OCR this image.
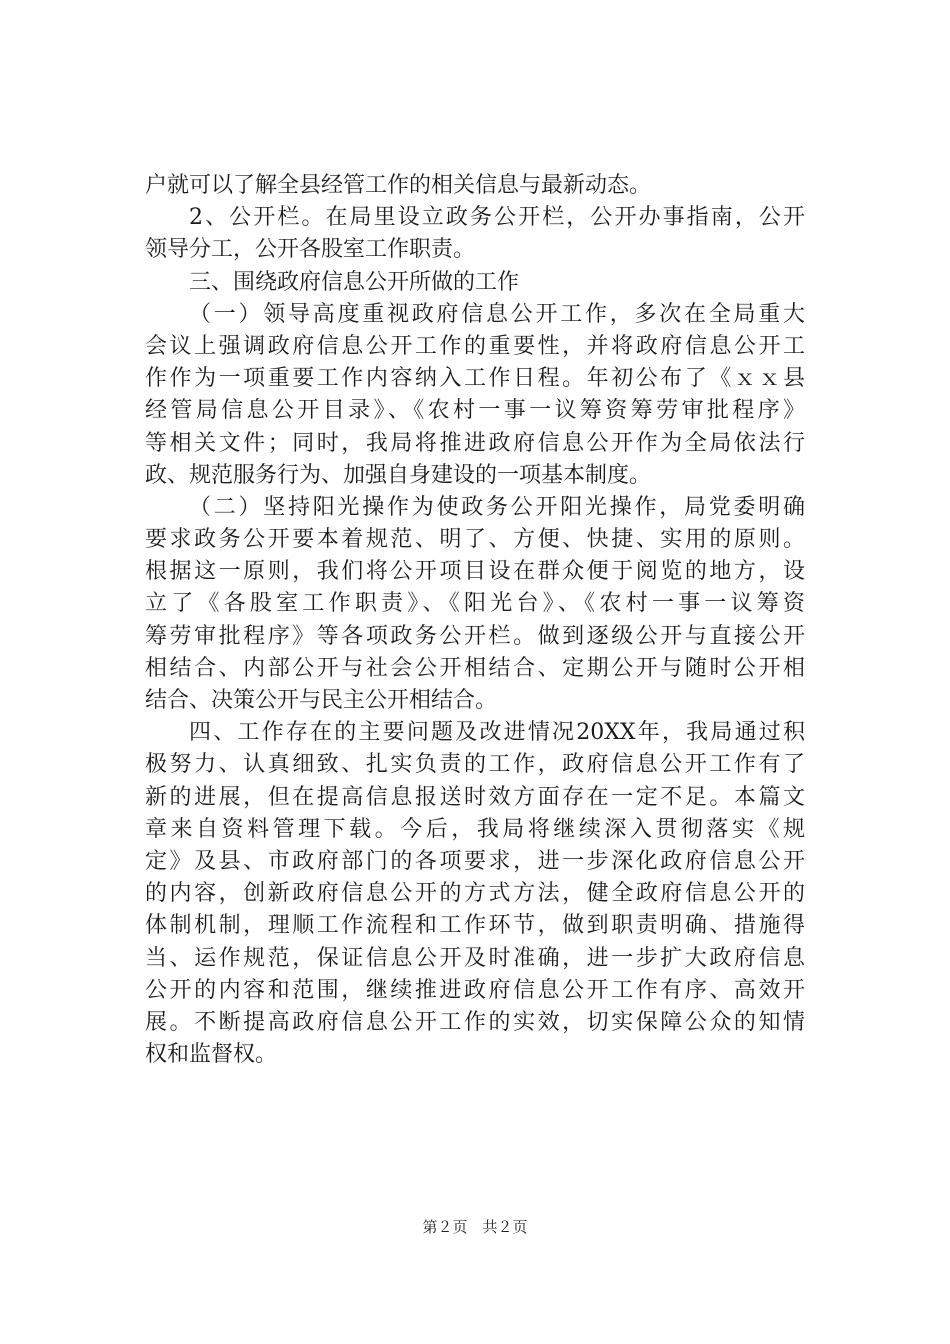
户就可以了解全县经管工作的相关信息与最新动态。
2、公开栏。在局里设立政务公开栏，公开办事指南，公开
领导分工，公开各股室工作职责。
三、围绕政府信息公开所做的工作
（一）领导高度重视政府信息公开工作，多次在全局重大
会议上强调政府信息公开工作的重要性，并将政府信息公开工
作作为一项重要工作内容纳入工作日程。年初公布了《ｘｘ县
经管局信息公开目录》、《农村一事一议筹资筹劳审批程序》
等相关文件；同时，我局将推进政府信息公开作为全局依法行
政、规范服务行为、加强自身建设的一项基本制度。
（二）坚持阳光操作为使政务公开阳光操作，局党委明确
要求政务公开要本着规范、明了、方便、快捷、实用的原则。
根据这一原则，我们将公开项目设在群众便于阅览的地方，设
立了《各股室工作职责》、《阳光台》、《农村一事一议筹资
筹劳审批程序》等各项政务公开栏。做到逐级公开与直接公开
相结合、内部公开与社会公开相结合、定期公开与随时公开相
结合、决策公开与民主公开相结合。
四、工作存在的主要问题及改进情况20XX年，我局通过积
极努力、认真细致、扎实负责的工作，政府信息公开工作有了
新的进展，但在提高信息报送时效方面存在一定不足。本篇文
章来自资料管理下载。今后，我局将继续深入贯彻落实《规
定》及县、市政府部门的各项要求，进一步深化政府信息公开
的内容，创新政府信息公开的方式方法，健全政府信息公开的
体制机制，理顺工作流程和工作环节，做到职责明确、措施得
当、运作规范，保证信息公开及时准确，进一步扩大政府信息
公开的内容和范围，继续推进政府信息公开工作有序、高效开
展。不断提高政府信息公开工作的实效，切实保障公众的知情
权和监督权。
第２页　共２页
